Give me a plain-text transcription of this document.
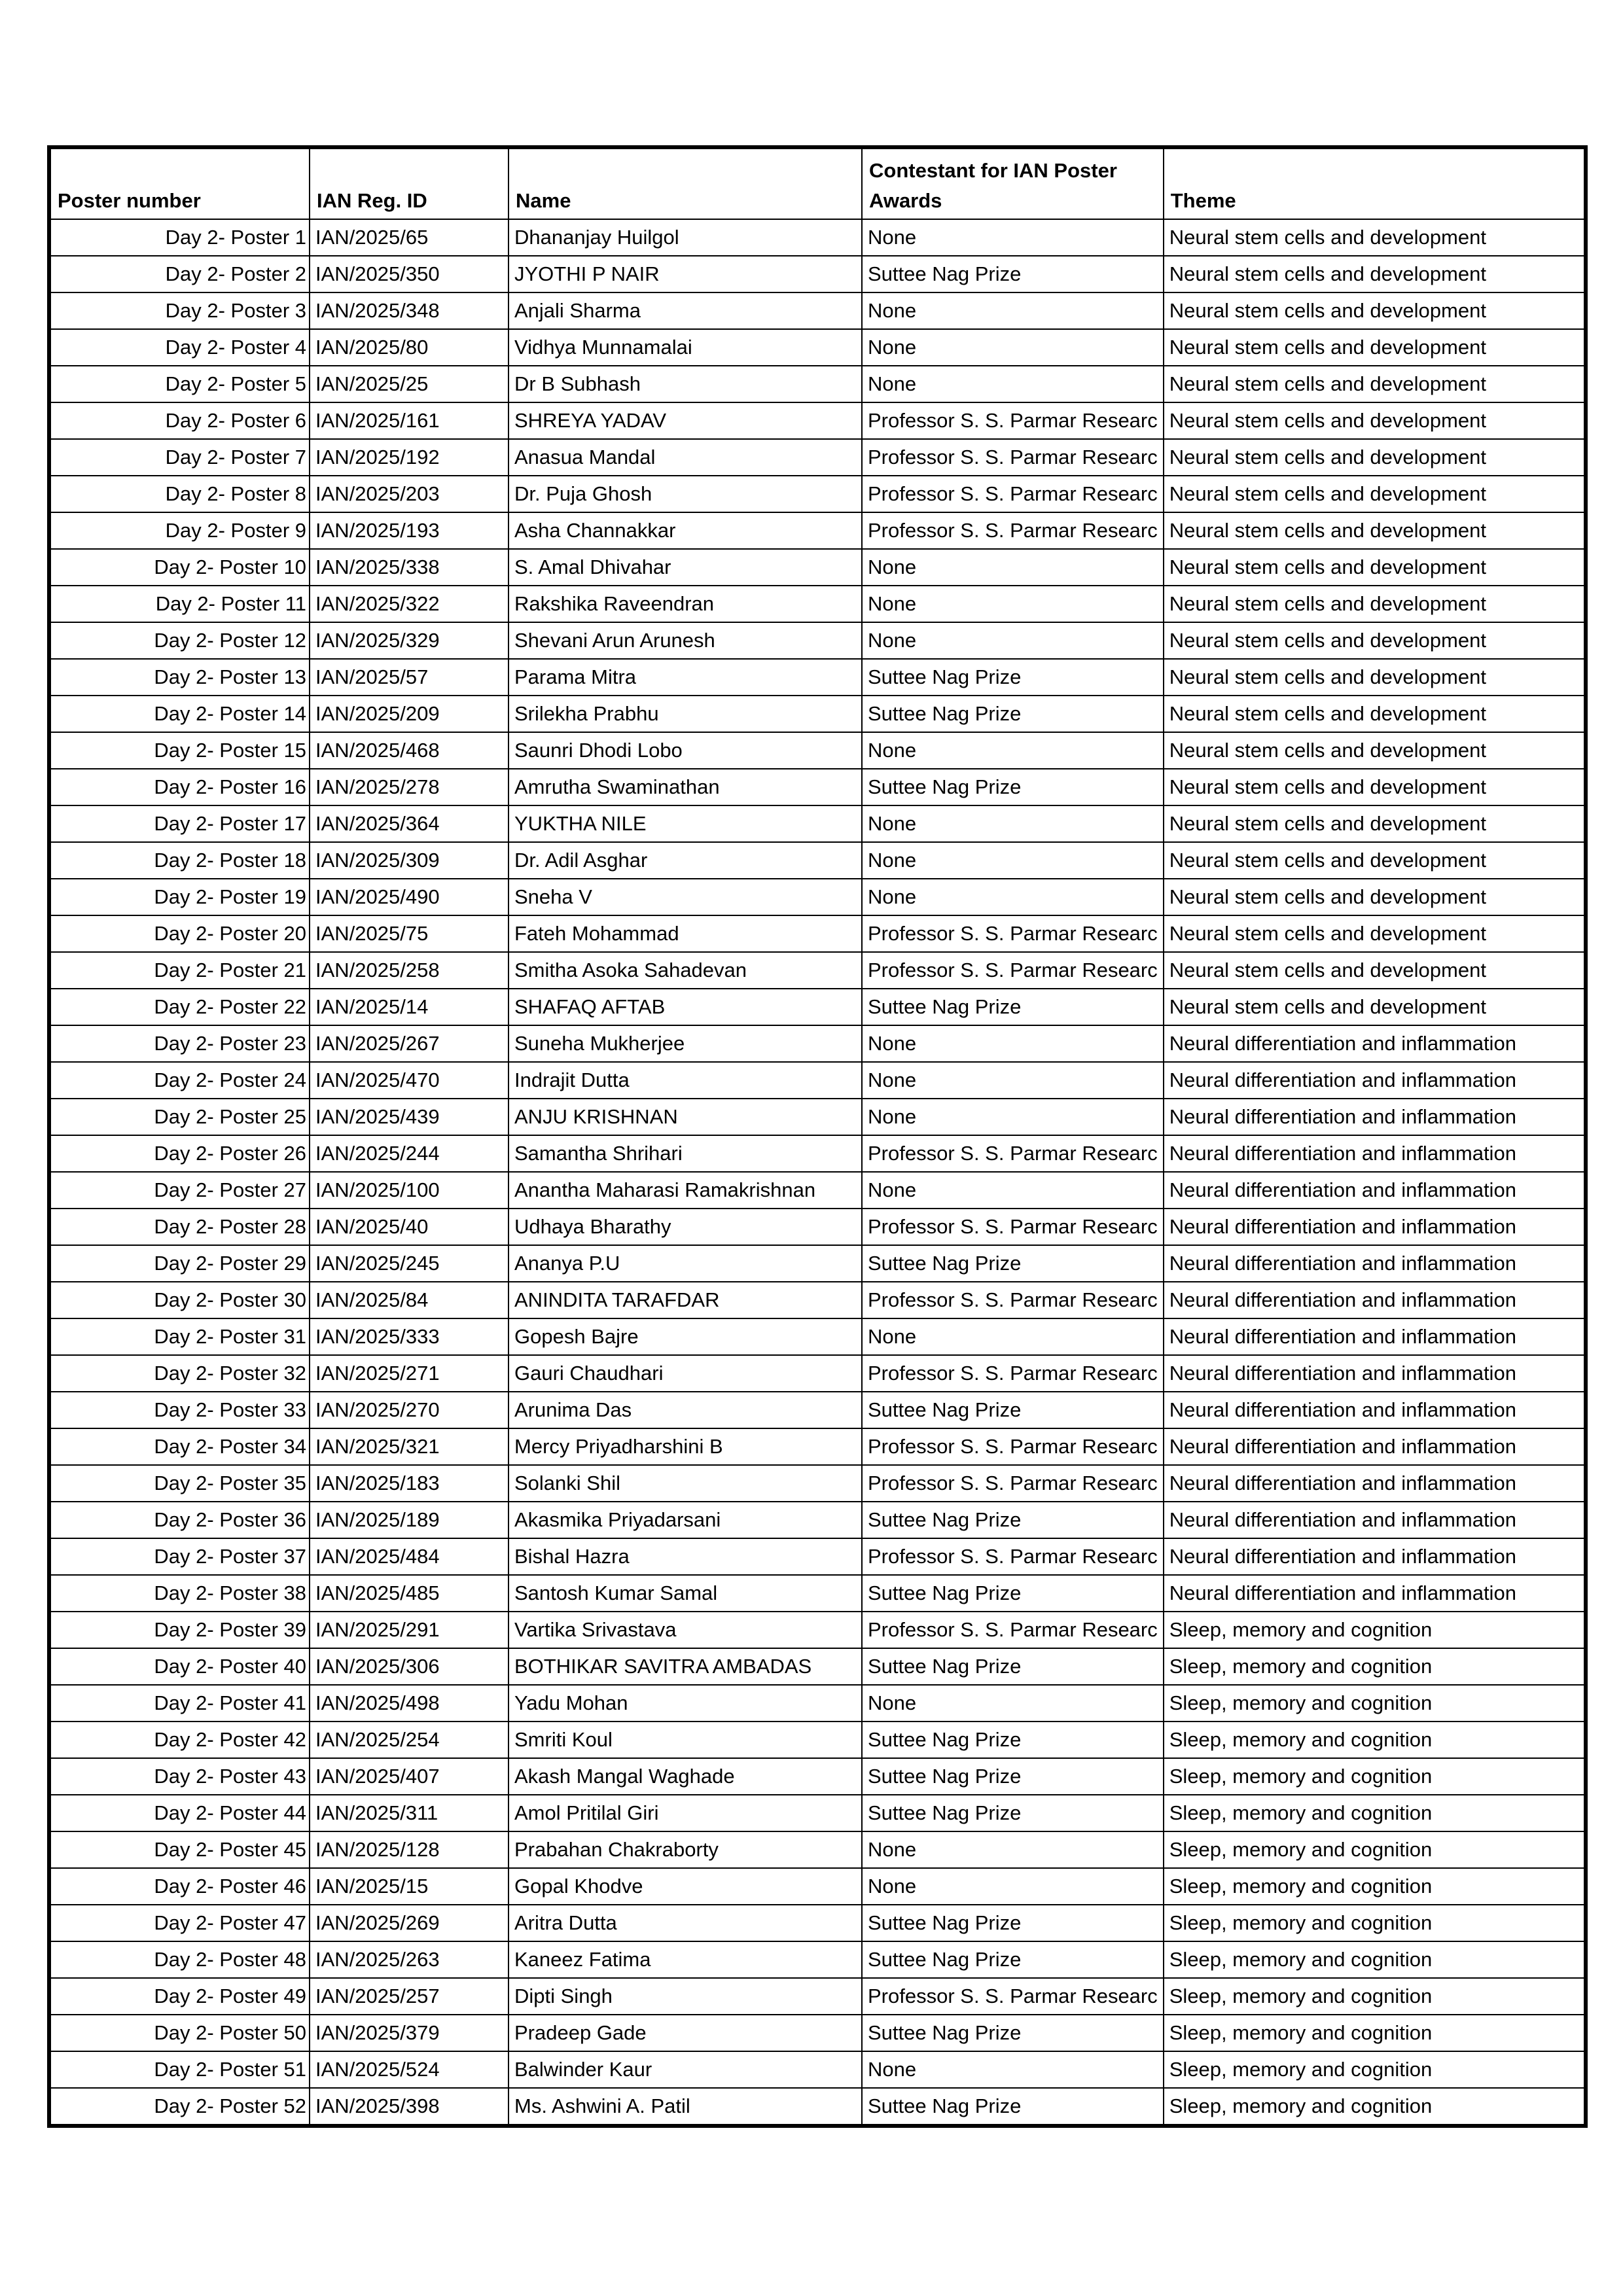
Poster number	IAN Reg. ID	Name	Contestant for IAN Poster Awards	Theme
Day 2- Poster 1	IAN/2025/65	Dhananjay Huilgol	None	Neural stem cells and development
Day 2- Poster 2	IAN/2025/350	JYOTHI P NAIR	Suttee Nag Prize	Neural stem cells and development
Day 2- Poster 3	IAN/2025/348	Anjali Sharma	None	Neural stem cells and development
Day 2- Poster 4	IAN/2025/80	Vidhya Munnamalai	None	Neural stem cells and development
Day 2- Poster 5	IAN/2025/25	Dr B Subhash	None	Neural stem cells and development
Day 2- Poster 6	IAN/2025/161	SHREYA YADAV	Professor S. S. Parmar Researc	Neural stem cells and development
Day 2- Poster 7	IAN/2025/192	Anasua Mandal	Professor S. S. Parmar Researc	Neural stem cells and development
Day 2- Poster 8	IAN/2025/203	Dr. Puja Ghosh	Professor S. S. Parmar Researc	Neural stem cells and development
Day 2- Poster 9	IAN/2025/193	Asha Channakkar	Professor S. S. Parmar Researc	Neural stem cells and development
Day 2- Poster 10	IAN/2025/338	S. Amal Dhivahar	None	Neural stem cells and development
Day 2- Poster 11	IAN/2025/322	Rakshika Raveendran	None	Neural stem cells and development
Day 2- Poster 12	IAN/2025/329	Shevani Arun Arunesh	None	Neural stem cells and development
Day 2- Poster 13	IAN/2025/57	Parama Mitra	Suttee Nag Prize	Neural stem cells and development
Day 2- Poster 14	IAN/2025/209	Srilekha Prabhu	Suttee Nag Prize	Neural stem cells and development
Day 2- Poster 15	IAN/2025/468	Saunri Dhodi Lobo	None	Neural stem cells and development
Day 2- Poster 16	IAN/2025/278	Amrutha Swaminathan	Suttee Nag Prize	Neural stem cells and development
Day 2- Poster 17	IAN/2025/364	YUKTHA NILE	None	Neural stem cells and development
Day 2- Poster 18	IAN/2025/309	Dr. Adil Asghar	None	Neural stem cells and development
Day 2- Poster 19	IAN/2025/490	Sneha V	None	Neural stem cells and development
Day 2- Poster 20	IAN/2025/75	Fateh Mohammad	Professor S. S. Parmar Researc	Neural stem cells and development
Day 2- Poster 21	IAN/2025/258	Smitha Asoka Sahadevan	Professor S. S. Parmar Researc	Neural stem cells and development
Day 2- Poster 22	IAN/2025/14	SHAFAQ AFTAB	Suttee Nag Prize	Neural stem cells and development
Day 2- Poster 23	IAN/2025/267	Suneha Mukherjee	None	Neural differentiation and inflammation
Day 2- Poster 24	IAN/2025/470	Indrajit Dutta	None	Neural differentiation and inflammation
Day 2- Poster 25	IAN/2025/439	ANJU KRISHNAN	None	Neural differentiation and inflammation
Day 2- Poster 26	IAN/2025/244	Samantha Shrihari	Professor S. S. Parmar Researc	Neural differentiation and inflammation
Day 2- Poster 27	IAN/2025/100	Anantha Maharasi Ramakrishnan	None	Neural differentiation and inflammation
Day 2- Poster 28	IAN/2025/40	Udhaya Bharathy	Professor S. S. Parmar Researc	Neural differentiation and inflammation
Day 2- Poster 29	IAN/2025/245	Ananya P.U	Suttee Nag Prize	Neural differentiation and inflammation
Day 2- Poster 30	IAN/2025/84	ANINDITA TARAFDAR	Professor S. S. Parmar Researc	Neural differentiation and inflammation
Day 2- Poster 31	IAN/2025/333	Gopesh Bajre	None	Neural differentiation and inflammation
Day 2- Poster 32	IAN/2025/271	Gauri Chaudhari	Professor S. S. Parmar Researc	Neural differentiation and inflammation
Day 2- Poster 33	IAN/2025/270	Arunima Das	Suttee Nag Prize	Neural differentiation and inflammation
Day 2- Poster 34	IAN/2025/321	Mercy Priyadharshini B	Professor S. S. Parmar Researc	Neural differentiation and inflammation
Day 2- Poster 35	IAN/2025/183	Solanki Shil	Professor S. S. Parmar Researc	Neural differentiation and inflammation
Day 2- Poster 36	IAN/2025/189	Akasmika Priyadarsani	Suttee Nag Prize	Neural differentiation and inflammation
Day 2- Poster 37	IAN/2025/484	Bishal Hazra	Professor S. S. Parmar Researc	Neural differentiation and inflammation
Day 2- Poster 38	IAN/2025/485	Santosh Kumar Samal	Suttee Nag Prize	Neural differentiation and inflammation
Day 2- Poster 39	IAN/2025/291	Vartika Srivastava	Professor S. S. Parmar Researc	Sleep, memory and cognition
Day 2- Poster 40	IAN/2025/306	BOTHIKAR SAVITRA AMBADAS	Suttee Nag Prize	Sleep, memory and cognition
Day 2- Poster 41	IAN/2025/498	Yadu Mohan	None	Sleep, memory and cognition
Day 2- Poster 42	IAN/2025/254	Smriti Koul	Suttee Nag Prize	Sleep, memory and cognition
Day 2- Poster 43	IAN/2025/407	Akash Mangal Waghade	Suttee Nag Prize	Sleep, memory and cognition
Day 2- Poster 44	IAN/2025/311	Amol Pritilal Giri	Suttee Nag Prize	Sleep, memory and cognition
Day 2- Poster 45	IAN/2025/128	Prabahan Chakraborty	None	Sleep, memory and cognition
Day 2- Poster 46	IAN/2025/15	Gopal Khodve	None	Sleep, memory and cognition
Day 2- Poster 47	IAN/2025/269	Aritra Dutta	Suttee Nag Prize	Sleep, memory and cognition
Day 2- Poster 48	IAN/2025/263	Kaneez Fatima	Suttee Nag Prize	Sleep, memory and cognition
Day 2- Poster 49	IAN/2025/257	Dipti Singh	Professor S. S. Parmar Researc	Sleep, memory and cognition
Day 2- Poster 50	IAN/2025/379	Pradeep Gade	Suttee Nag Prize	Sleep, memory and cognition
Day 2- Poster 51	IAN/2025/524	Balwinder Kaur	None	Sleep, memory and cognition
Day 2- Poster 52	IAN/2025/398	Ms. Ashwini A. Patil	Suttee Nag Prize	Sleep, memory and cognition
